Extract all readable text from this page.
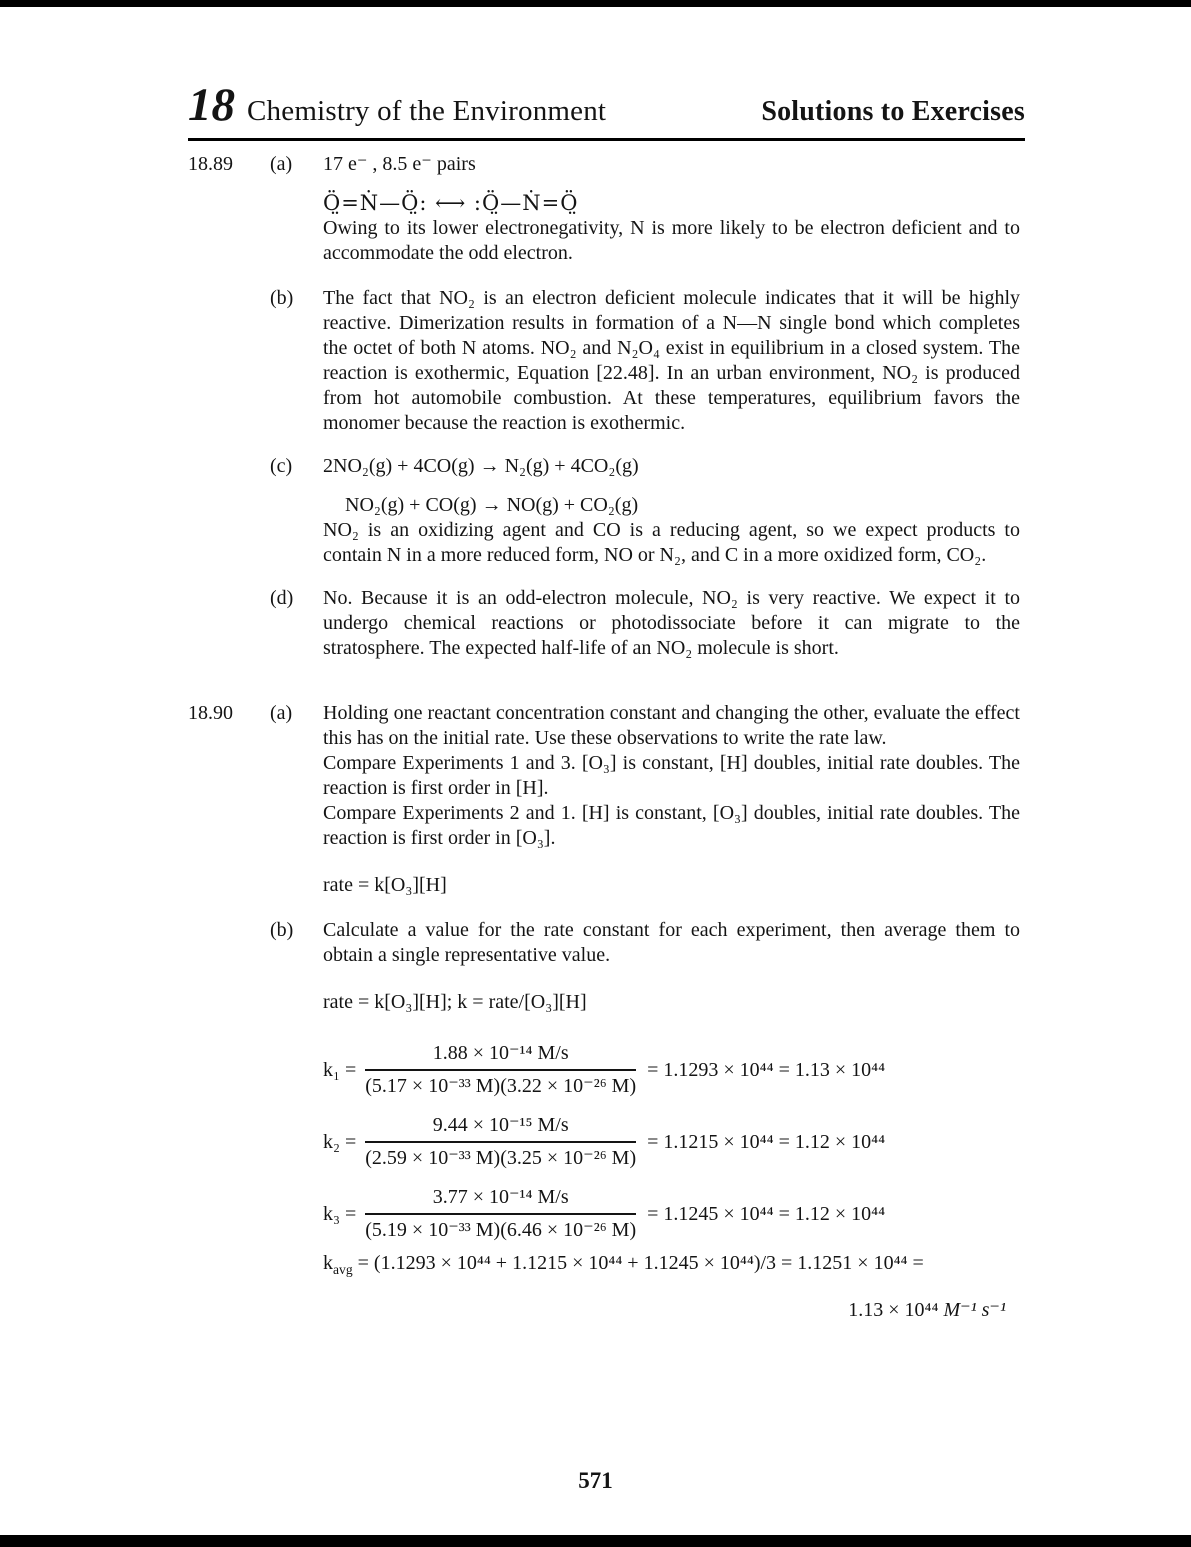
18 Chemistry of the Environment	Solutions to Exercises
18.89	(a)	17 e⁻ , 8.5 e⁻ pairs
Ö̤=Ṅ—Ö̤: ⟷ :Ö̤—Ṅ=Ö̤

Owing to its lower electronegativity, N is more likely to be electron deficient and to accommodate the odd electron.

(b)	The fact that NO₂ is an electron deficient molecule indicates that it will be highly reactive. Dimerization results in formation of a N—N single bond which completes the octet of both N atoms. NO₂ and N₂O₄ exist in equilibrium in a closed system. The reaction is exothermic, Equation [22.48]. In an urban environment, NO₂ is produced from hot automobile combustion. At these temperatures, equilibrium favors the monomer because the reaction is exothermic.

(c)	2NO₂(g) + 4CO(g) → N₂(g) + 4CO₂(g)
NO₂(g) + CO(g) → NO(g) + CO₂(g)

NO₂ is an oxidizing agent and CO is a reducing agent, so we expect products to contain N in a more reduced form, NO or N₂, and C in a more oxidized form, CO₂.

(d)	No. Because it is an odd-electron molecule, NO₂ is very reactive. We expect it to undergo chemical reactions or photodissociate before it can migrate to the stratosphere. The expected half-life of an NO₂ molecule is short.

18.90	(a)	Holding one reactant concentration constant and changing the other, evaluate the effect this has on the initial rate. Use these observations to write the rate law.

Compare Experiments 1 and 3. [O₃] is constant, [H] doubles, initial rate doubles. The reaction is first order in [H].

Compare Experiments 2 and 1. [H] is constant, [O₃] doubles, initial rate doubles. The reaction is first order in [O₃].

rate = k[O₃][H]
(b)	Calculate a value for the rate constant for each experiment, then average them to obtain a single representative value.

rate = k[O₃][H]; k = rate/[O₃][H]
$k_1 = \frac{\text{1.88 × 10⁻¹⁴ M/s}}{\text{(5.17 × 10⁻³³ M)(3.22 × 10⁻²⁶ M)}} = 1.1293 \times 10^{44} = 1.13 \times 10^{44}$
$k_2 = \frac{\text{9.44 × 10⁻¹⁵ M/s}}{\text{(2.59 × 10⁻³³ M)(3.25 × 10⁻²⁶ M)}} = 1.1215 \times 10^{44} = 1.12 \times 10^{44}$
$k_3 = \frac{\text{3.77 × 10⁻¹⁴ M/s}}{\text{(5.19 × 10⁻³³ M)(6.46 × 10⁻²⁶ M)}} = 1.1245 \times 10^{44} = 1.12 \times 10^{44}$
$k_{avg} = (1.1293 \times 10^{44} + 1.1215 \times 10^{44} + 1.1245 \times 10^{44})/3 = 1.1251 \times 10^{44}$ =
1.13 × 10⁴⁴ M⁻¹ s⁻¹
571
